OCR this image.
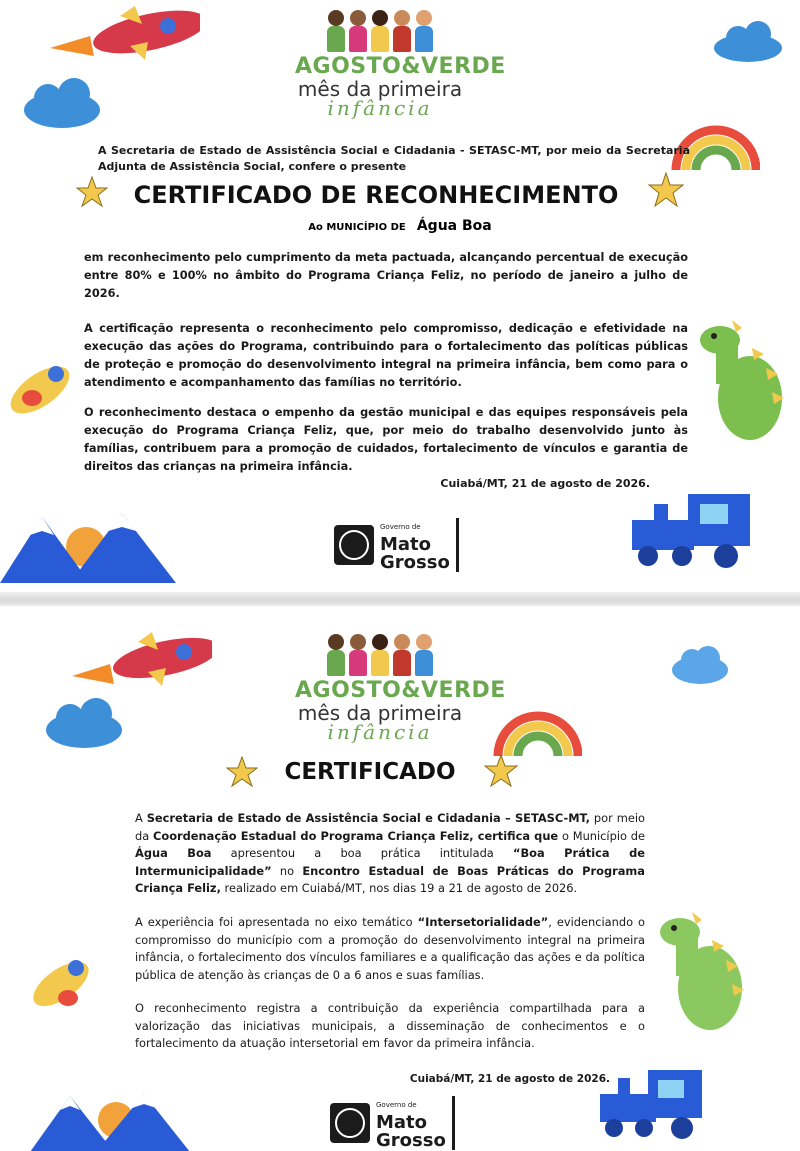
AGOSTO&VERDE
mês da primeira
infância
A Secretaria de Estado de Assistência Social e Cidadania - SETASC-MT, por meio da Secretaria Adjunta de Assistência Social, confere o presente
CERTIFICADO DE RECONHECIMENTO
Ao MUNICÍPIO DE Água Boa
em reconhecimento pelo cumprimento da meta pactuada, alcançando percentual de execução entre 80% e 100% no âmbito do Programa Criança Feliz, no período de janeiro a julho de 2026.
A certificação representa o reconhecimento pelo compromisso, dedicação e efetividade na execução das ações do Programa, contribuindo para o fortalecimento das políticas públicas de proteção e promoção do desenvolvimento integral na primeira infância, bem como para o atendimento e acompanhamento das famílias no território.
O reconhecimento destaca o empenho da gestão municipal e das equipes responsáveis pela execução do Programa Criança Feliz, que, por meio do trabalho desenvolvido junto às famílias, contribuem para a promoção de cuidados, fortalecimento de vínculos e garantia de direitos das crianças na primeira infância.
Cuiabá/MT, 21 de agosto de 2026.
Governo de
Mato
Grosso
AGOSTO&VERDE
mês da primeira
infância
CERTIFICADO
A Secretaria de Estado de Assistência Social e Cidadania – SETASC-MT, por meio da Coordenação Estadual do Programa Criança Feliz, certifica que o Município de Água Boa apresentou a boa prática intitulada “Boa Prática de Intermunicipalidade” no Encontro Estadual de Boas Práticas do Programa Criança Feliz, realizado em Cuiabá/MT, nos dias 19 a 21 de agosto de 2026.
A experiência foi apresentada no eixo temático “Intersetorialidade”, evidenciando o compromisso do município com a promoção do desenvolvimento integral na primeira infância, o fortalecimento dos vínculos familiares e a qualificação das ações e da política pública de atenção às crianças de 0 a 6 anos e suas famílias.
O reconhecimento registra a contribuição da experiência compartilhada para a valorização das iniciativas municipais, a disseminação de conhecimentos e o fortalecimento da atuação intersetorial em favor da primeira infância.
Cuiabá/MT, 21 de agosto de 2026.
Governo de
Mato
Grosso
